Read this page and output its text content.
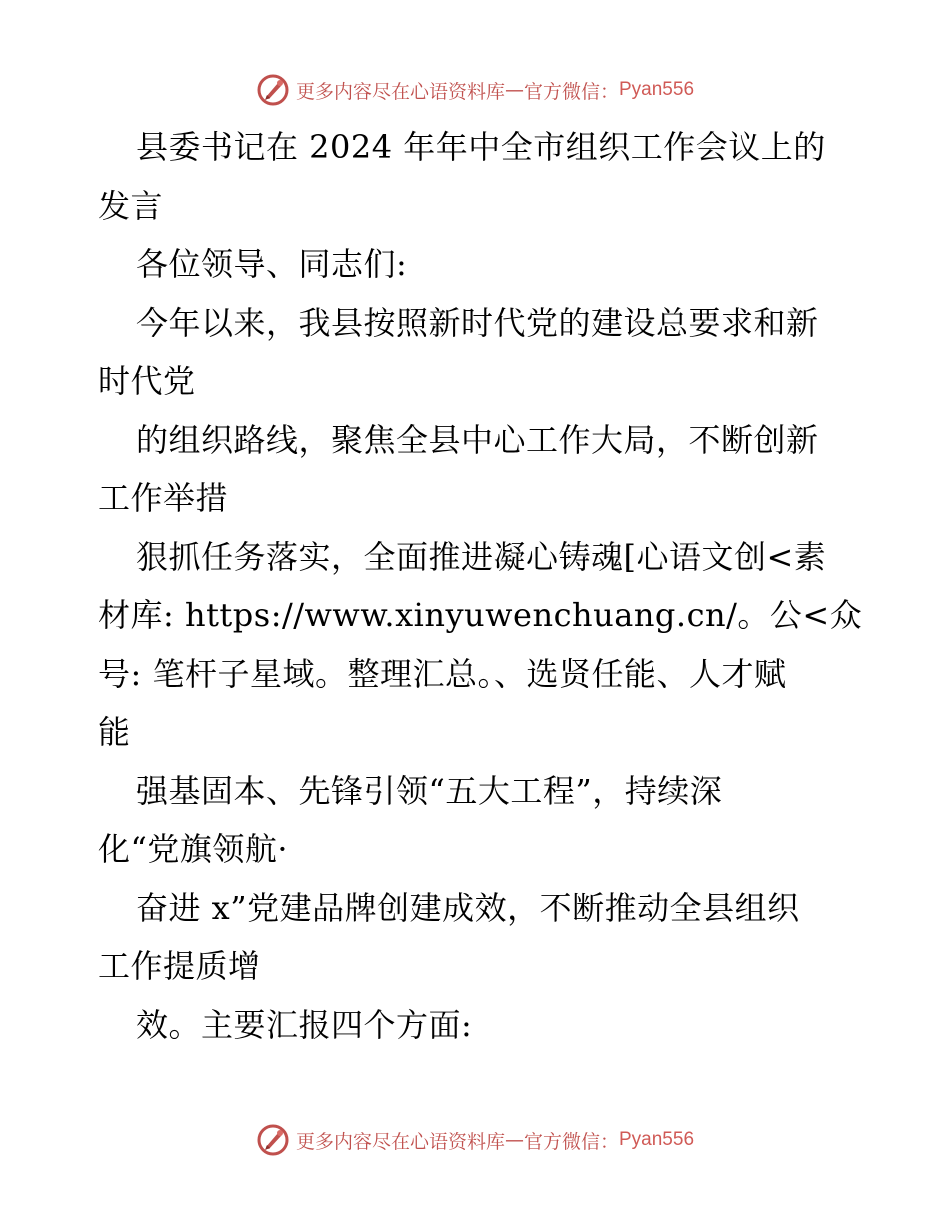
更多内容尽在心语资料库 — 官方微信： Pyan556
县委书记在 2024 年年中全市组织工作会议上的
发言
各位领导、同志们:
今年以来，我县按照新时代党的建设总要求和新
时代党
的组织路线，聚焦全县中心工作大局，不断创新
工作举措
狠抓任务落实，全面推进凝心铸魂[心语文创<素
材库: https://www.xinyuwenchuang.cn/。公<众
号: 笔杆子星域。整理汇总。、选贤任能、人才赋
能
强基固本、先锋引领“五大工程”，持续深
化“党旗领航·
奋进 x”党建品牌创建成效，不断推动全县组织
工作提质增
效。主要汇报四个方面:
更多内容尽在心语资料库 — 官方微信： Pyan556
